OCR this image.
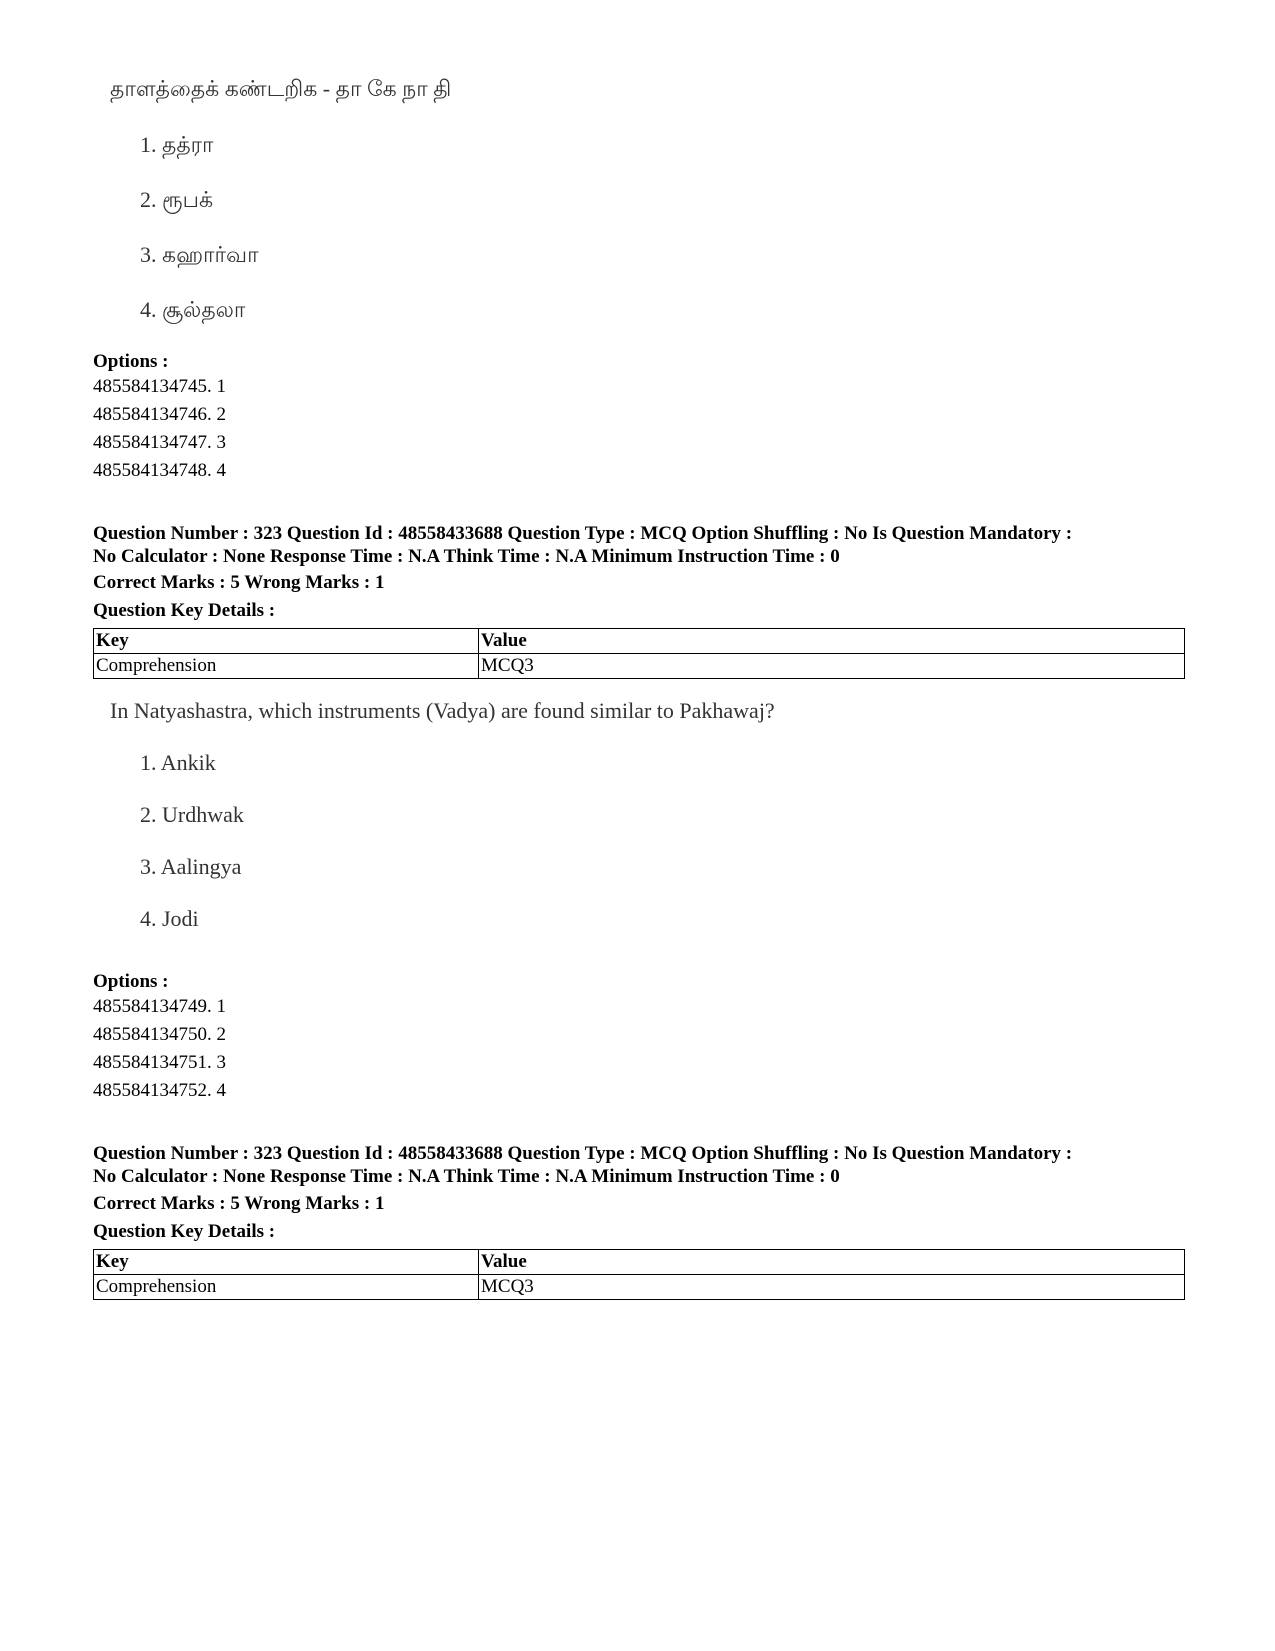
தாளத்தைக் கண்டறிக - தா கே நா தி
1. தத்ரா
2. ரூபக்
3. கஹார்வா
4. சூல்தலா
Options :
485584134745. 1
485584134746. 2
485584134747. 3
485584134748. 4
Question Number : 323 Question Id : 48558433688 Question Type : MCQ Option Shuffling : No Is Question Mandatory :
No Calculator : None Response Time : N.A Think Time : N.A Minimum Instruction Time : 0
Correct Marks : 5 Wrong Marks : 1
Question Key Details :
Key	Value
Comprehension	MCQ3
In Natyashastra, which instruments (Vadya) are found similar to Pakhawaj?
1. Ankik
2. Urdhwak
3. Aalingya
4. Jodi
Options :
485584134749. 1
485584134750. 2
485584134751. 3
485584134752. 4
Question Number : 323 Question Id : 48558433688 Question Type : MCQ Option Shuffling : No Is Question Mandatory :
No Calculator : None Response Time : N.A Think Time : N.A Minimum Instruction Time : 0
Correct Marks : 5 Wrong Marks : 1
Question Key Details :
Key	Value
Comprehension	MCQ3
